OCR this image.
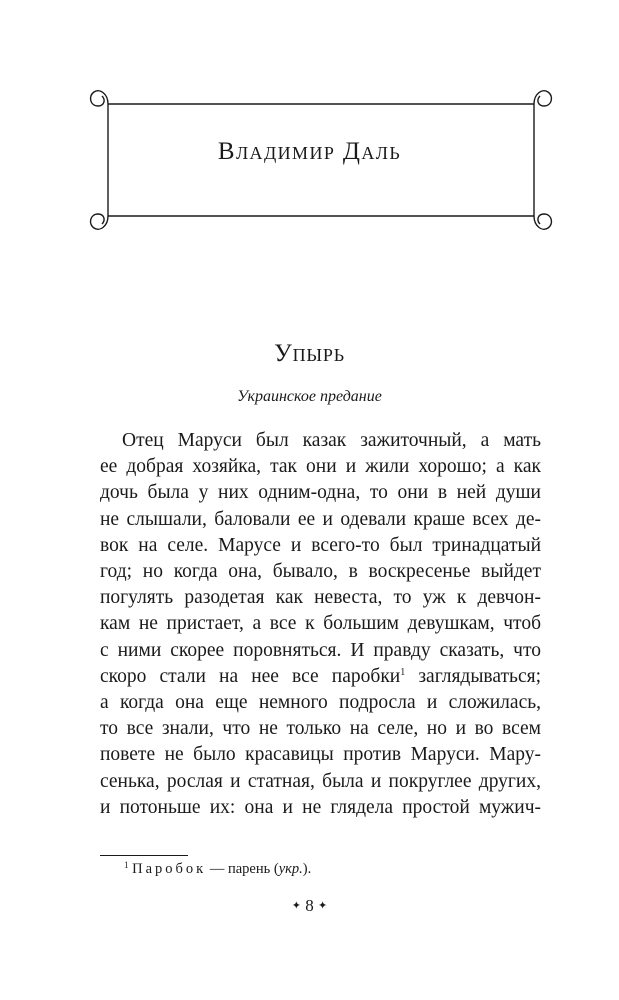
Владимир Даль
Упырь
Украинское предание
Отец Маруси был казак зажиточный, а мать
ее добрая хозяйка, так они и жили хорошо; а как
дочь была у них одним-одна, то они в ней души
не слышали, баловали ее и одевали краше всех де-
вок на селе. Марусе и всего-то был тринадцатый
год; но когда она, бывало, в воскресенье выйдет
погулять разодетая как невеста, то уж к девчон-
кам не пристает, а все к большим девушкам, чтоб
с ними скорее поровняться. И правду сказать, что
скоро стали на нее все паробки$^1$ заглядываться;
а когда она еще немного подросла и сложилась,
то все знали, что не только на селе, но и во всем
повете не было красавицы против Маруси. Мару-
сенька, рослая и статная, была и покруглее других,
и потоньше их: она и не глядела простой мужич-
$^1$ Паробок — парень (укр.).
✦ 8 ✦
